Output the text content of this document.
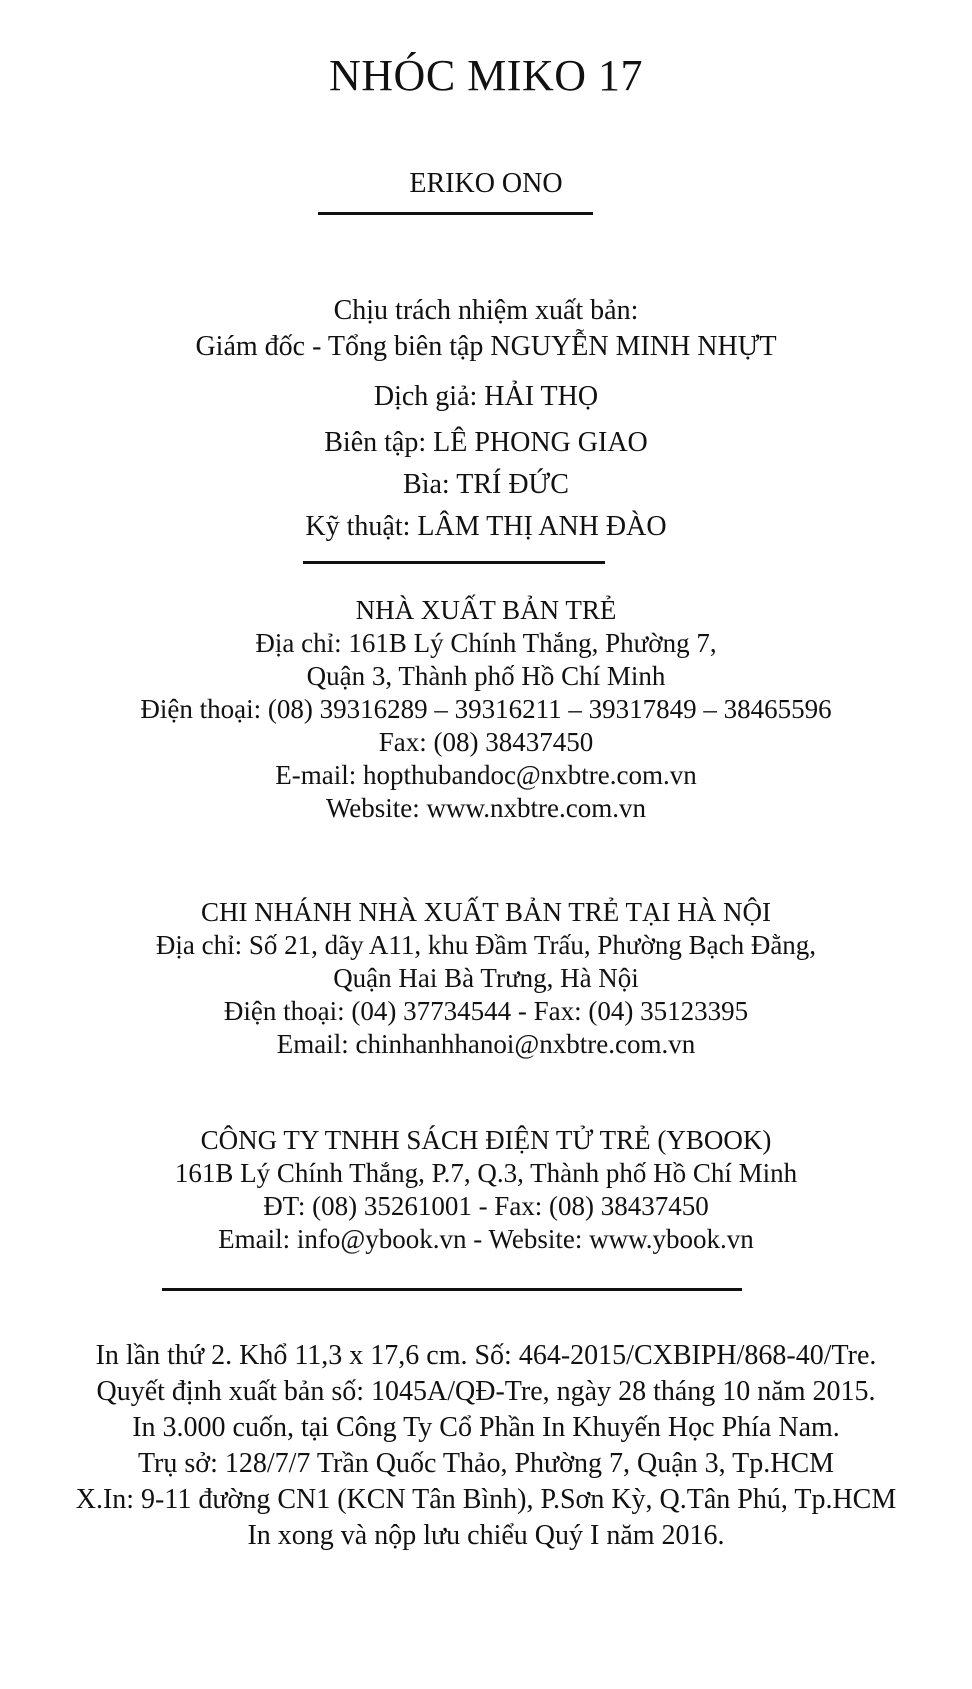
NHÓC MIKO 17
ERIKO ONO
Chịu trách nhiệm xuất bản:
Giám đốc - Tổng biên tập NGUYỄN MINH NHỰT
Dịch giả: HẢI THỌ
Biên tập: LÊ PHONG GIAO
Bìa: TRÍ ĐỨC
Kỹ thuật: LÂM THỊ ANH ĐÀO
NHÀ XUẤT BẢN TRẺ
Địa chỉ: 161B Lý Chính Thắng, Phường 7,
Quận 3, Thành phố Hồ Chí Minh
Điện thoại: (08) 39316289 – 39316211 – 39317849 – 38465596
Fax: (08) 38437450
E-mail: hopthubandoc@nxbtre.com.vn
Website: www.nxbtre.com.vn
CHI NHÁNH NHÀ XUẤT BẢN TRẺ TẠI HÀ NỘI
Địa chỉ: Số 21, dãy A11, khu Đầm Trấu, Phường Bạch Đằng,
Quận Hai Bà Trưng, Hà Nội
Điện thoại: (04) 37734544 - Fax: (04) 35123395
Email: chinhanhhanoi@nxbtre.com.vn
CÔNG TY TNHH SÁCH ĐIỆN TỬ TRẺ (YBOOK)
161B Lý Chính Thắng, P.7, Q.3, Thành phố Hồ Chí Minh
ĐT: (08) 35261001 - Fax: (08) 38437450
Email: info@ybook.vn - Website: www.ybook.vn
In lần thứ 2. Khổ 11,3 x 17,6 cm. Số: 464-2015/CXBIPH/868-40/Tre.
Quyết định xuất bản số: 1045A/QĐ-Tre, ngày 28 tháng 10 năm 2015.
In 3.000 cuốn, tại Công Ty Cổ Phần In Khuyến Học Phía Nam.
Trụ sở: 128/7/7 Trần Quốc Thảo, Phường 7, Quận 3, Tp.HCM
X.In: 9-11 đường CN1 (KCN Tân Bình), P.Sơn Kỳ, Q.Tân Phú, Tp.HCM
In xong và nộp lưu chiểu Quý I năm 2016.
